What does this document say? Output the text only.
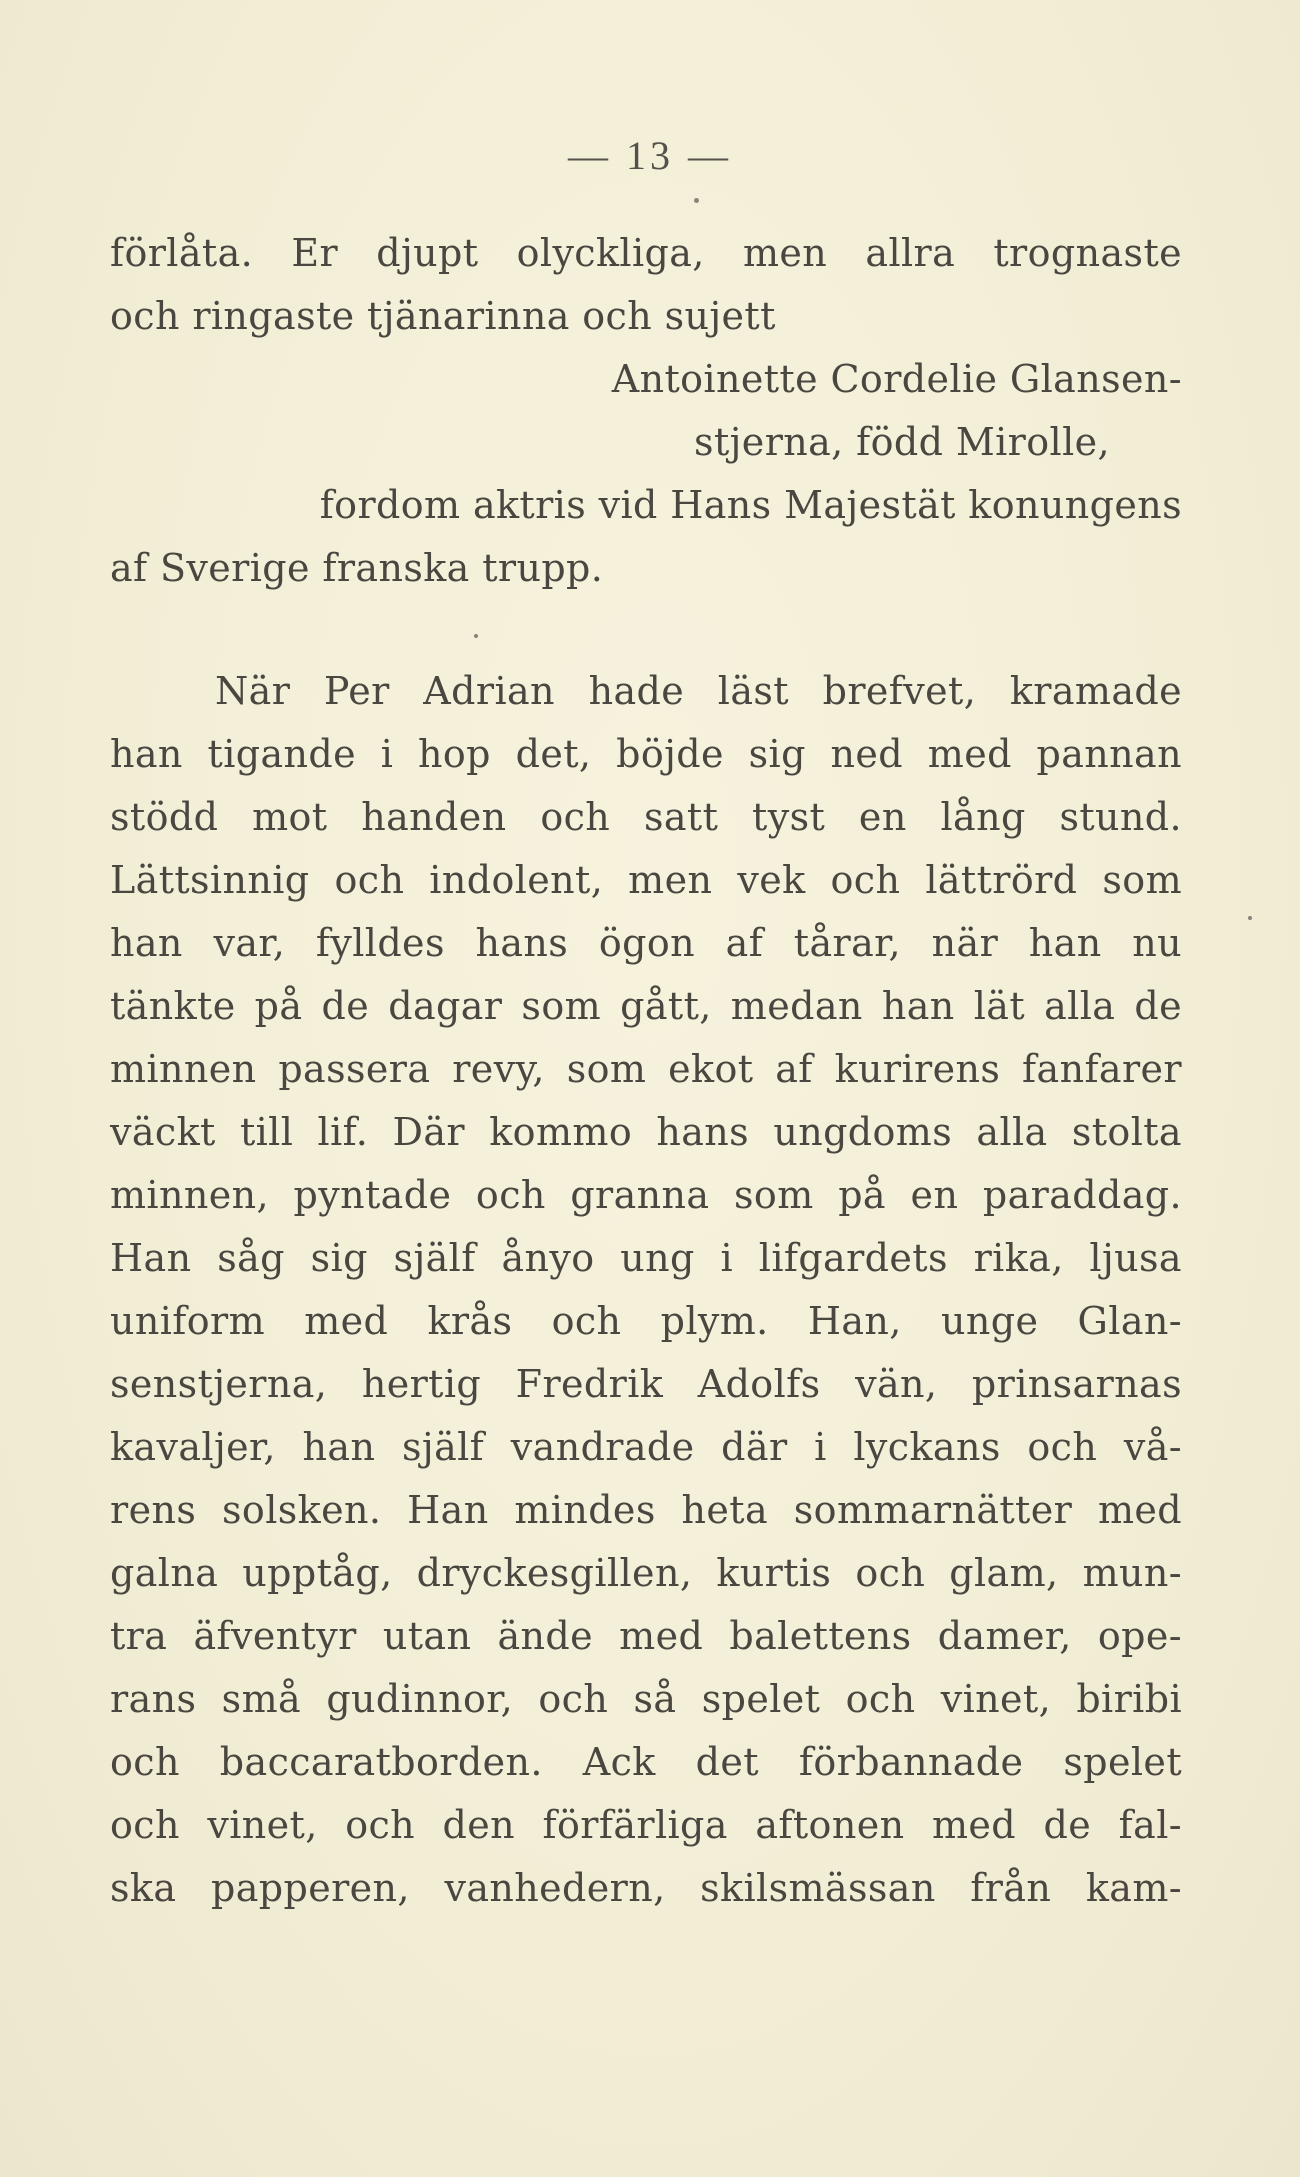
— 13 —
förlåta. Er djupt olyckliga, men allra trognaste
och ringaste tjänarinna och sujett
Antoinette Cordelie Glansen-
stjerna, född Mirolle,
fordom aktris vid Hans Majestät konungens
af Sverige franska trupp.
När Per Adrian hade läst brefvet, kramade
han tigande i hop det, böjde sig ned med pannan
stödd mot handen och satt tyst en lång stund.
Lättsinnig och indolent, men vek och lättrörd som
han var, fylldes hans ögon af tårar, när han nu
tänkte på de dagar som gått, medan han lät alla de
minnen passera revy, som ekot af kurirens fanfarer
väckt till lif. Där kommo hans ungdoms alla stolta
minnen, pyntade och granna som på en paraddag.
Han såg sig själf ånyo ung i lifgardets rika, ljusa
uniform med krås och plym. Han, unge Glan-
senstjerna, hertig Fredrik Adolfs vän, prinsarnas
kavaljer, han själf vandrade där i lyckans och vå-
rens solsken. Han mindes heta sommarnätter med
galna upptåg, dryckesgillen, kurtis och glam, mun-
tra äfventyr utan ände med balettens damer, ope-
rans små gudinnor, och så spelet och vinet, biribi
och baccaratborden. Ack det förbannade spelet
och vinet, och den förfärliga aftonen med de fal-
ska papperen, vanhedern, skilsmässan från kam-
